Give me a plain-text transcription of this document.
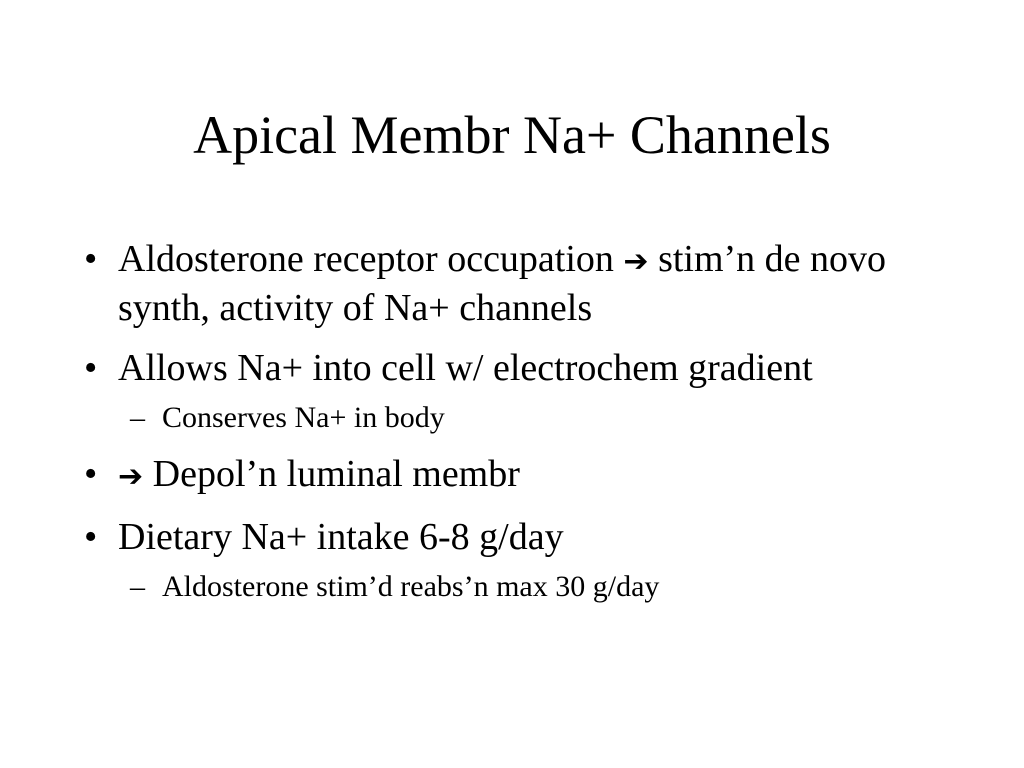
Apical Membr Na+ Channels
• Aldosterone receptor occupation ➔ stim’n de novo synth, activity of Na+ channels
• Allows Na+ into cell w/ electrochem gradient
– Conserves Na+ in body
• ➔ Depol’n luminal membr
• Dietary Na+ intake 6-8 g/day
– Aldosterone stim’d reabs’n max 30 g/day
